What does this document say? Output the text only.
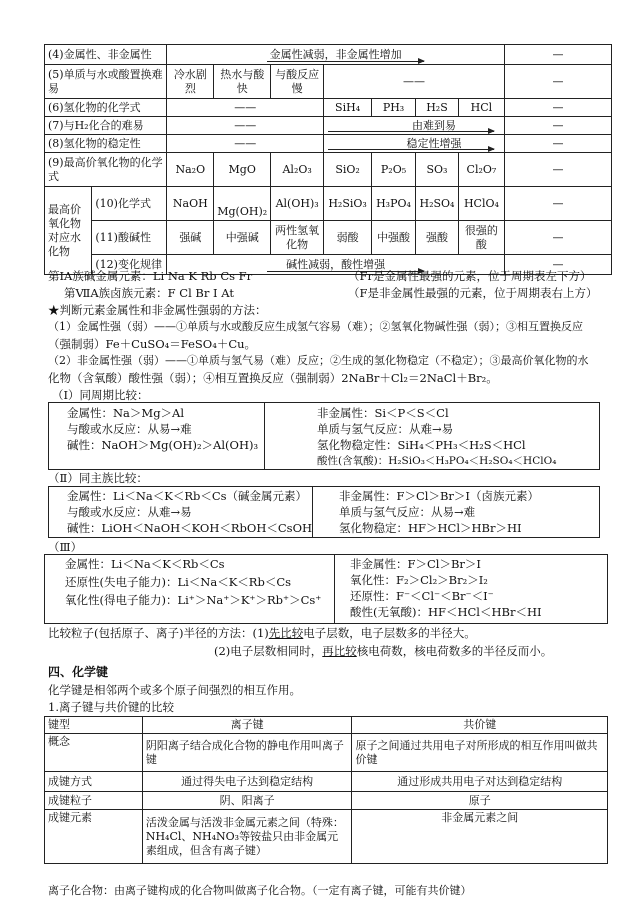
(4)金属性、非金属性		金属性减弱，非金属性增加							—
(5)单质与水或酸置换难易		冷水剧烈	热水与酸快	与酸反应慢	——				—
(6)氢化物的化学式		——			SiH₄	PH₃	H₂S	HCl	—
(7)与H₂化合的难易		——			由难到易				—
(8)氢化物的稳定性		——			稳定性增强				—
(9)最高价氧化物的化学式		Na₂O	MgO	Al₂O₃	SiO₂	P₂O₅	SO₃	Cl₂O₇	—
最高价氧化物对应水化物	(10)化学式	NaOH	Mg(OH)₂	Al(OH)₃	H₂SiO₃	H₃PO₄	H₂SO₄	HClO₄	—
	(11)酸碱性	强碱	中强碱	两性氢氧化物	弱酸	中强酸	强酸	很强的酸	—
	(12)变化规律	碱性减弱，酸性增强							—
第ⅠA族碱金属元素：Li Na K Rb Cs Fr	（Fr是金属性最强的元素，位于周期表左下方）
第ⅦA族卤族元素：F Cl Br I At	（F是非金属性最强的元素，位于周期表右上方）
★判断元素金属性和非金属性强弱的方法：
（1）金属性强（弱）——①单质与水或酸反应生成氢气容易（难）；②氢氧化物碱性强（弱）；③相互置换反应
（强制弱）Fe＋CuSO₄＝FeSO₄＋Cu。
（2）非金属性强（弱）——①单质与氢气易（难）反应；②生成的氢化物稳定（不稳定）；③最高价氧化物的水
化物（含氧酸）酸性强（弱）；④相互置换反应（强制弱）2NaBr＋Cl₂＝2NaCl＋Br₂。
（Ⅰ）同周期比较：
金属性：Na＞Mg＞Al
与酸或水反应：从易→难
碱性：NaOH＞Mg(OH)₂＞Al(OH)₃
非金属性：Si＜P＜S＜Cl
单质与氢气反应：从难→易
氢化物稳定性：SiH₄＜PH₃＜H₂S＜HCl
酸性(含氧酸)：H₂SiO₃＜H₃PO₄＜H₂SO₄＜HClO₄
（Ⅱ）同主族比较：
金属性：Li＜Na＜K＜Rb＜Cs（碱金属元素）
与酸或水反应：从难→易
碱性：LiOH＜NaOH＜KOH＜RbOH＜CsOH
非金属性：F＞Cl＞Br＞I（卤族元素）
单质与氢气反应：从易→难
氢化物稳定：HF＞HCl＞HBr＞HI
（Ⅲ）
金属性：Li＜Na＜K＜Rb＜Cs
还原性(失电子能力)：Li＜Na＜K＜Rb＜Cs
氧化性(得电子能力)：Li⁺＞Na⁺＞K⁺＞Rb⁺＞Cs⁺
非金属性：F＞Cl＞Br＞I
氧化性：F₂＞Cl₂＞Br₂＞I₂
还原性：F⁻＜Cl⁻＜Br⁻＜I⁻
酸性(无氧酸)：HF＜HCl＜HBr＜HI
比较粒子(包括原子、离子)半径的方法：(1)先比较电子层数，电子层数多的半径大。
(2)电子层数相同时，再比较核电荷数，核电荷数多的半径反而小。
四、化学键
化学键是相邻两个或多个原子间强烈的相互作用。
1.离子键与共价键的比较
键型	离子键	共价键
概念	阴阳离子结合成化合物的静电作用叫离子键	原子之间通过共用电子对所形成的相互作用叫做共价键
成键方式	通过得失电子达到稳定结构	通过形成共用电子对达到稳定结构
成键粒子	阴、阳离子	原子
成键元素	活泼金属与活泼非金属元素之间（特殊：NH₄Cl、NH₄NO₃等铵盐只由非金属元素组成，但含有离子键）	非金属元素之间
离子化合物：由离子键构成的化合物叫做离子化合物。（一定有离子键，可能有共价键）
